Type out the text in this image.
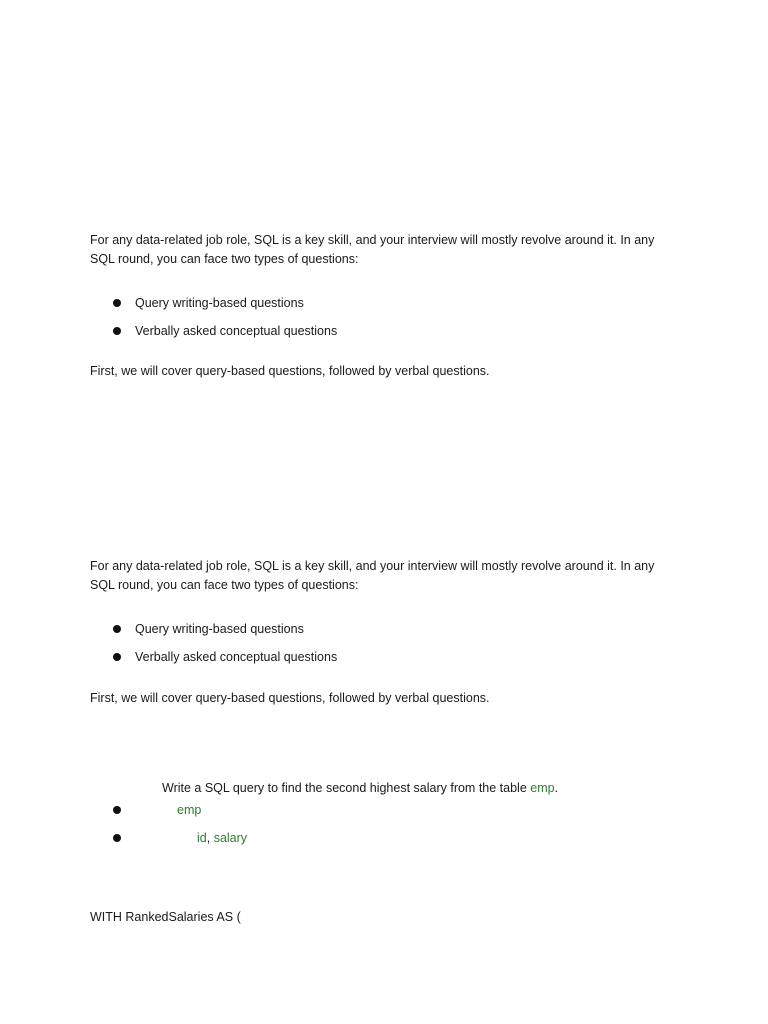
For any data-related job role, SQL is a key skill, and your interview will mostly revolve around it. In any SQL round, you can face two types of questions:

Query writing-based questions
Verbally asked conceptual questions

First, we will cover query-based questions, followed by verbal questions.

For any data-related job role, SQL is a key skill, and your interview will mostly revolve around it. In any SQL round, you can face two types of questions:

Query writing-based questions
Verbally asked conceptual questions

First, we will cover query-based questions, followed by verbal questions.

Write a SQL query to find the second highest salary from the table emp.
emp
id, salary
WITH RankedSalaries AS (
